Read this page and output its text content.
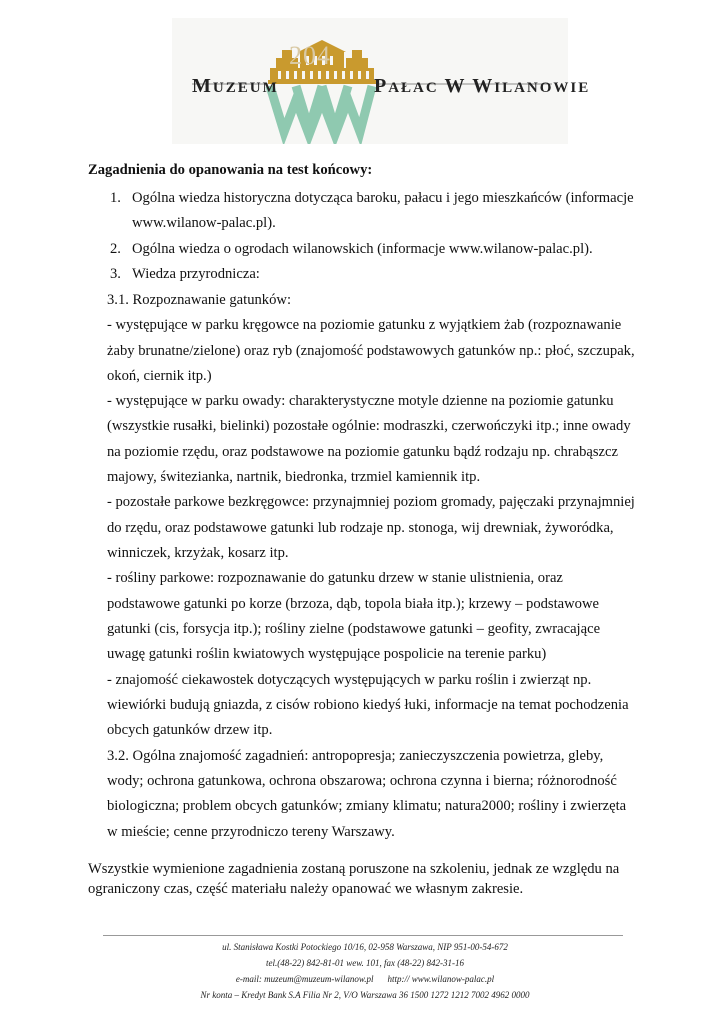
204
MUZEUM	PAŁAC W WILANOWIE
Zagadnienia do opanowania na test końcowy:
1. Ogólna wiedza historyczna dotycząca baroku, pałacu i jego mieszkańców (informacje
www.wilanow-palac.pl).
2. Ogólna wiedza o ogrodach wilanowskich (informacje www.wilanow-palac.pl).
3. Wiedza przyrodnicza:
3.1. Rozpoznawanie gatunków:
- występujące w parku kręgowce na poziomie gatunku z wyjątkiem żab (rozpoznawanie
żaby brunatne/zielone) oraz ryb (znajomość podstawowych gatunków np.: płoć, szczupak,
okoń, ciernik itp.)
- występujące w parku owady: charakterystyczne motyle dzienne na poziomie gatunku
(wszystkie rusałki, bielinki) pozostałe ogólnie: modraszki, czerwończyki itp.; inne owady
na poziomie rzędu, oraz podstawowe na poziomie gatunku bądź rodzaju np. chrabąszcz
majowy, świtezianka, nartnik, biedronka, trzmiel kamiennik itp.
- pozostałe parkowe bezkręgowce: przynajmniej poziom gromady, pajęczaki przynajmniej
do rzędu, oraz podstawowe gatunki lub rodzaje np. stonoga, wij drewniak, żyworódka,
winniczek, krzyżak, kosarz itp.
- rośliny parkowe: rozpoznawanie do gatunku drzew w stanie ulistnienia, oraz
podstawowe gatunki po korze (brzoza, dąb, topola biała itp.); krzewy – podstawowe
gatunki (cis, forsycja itp.); rośliny zielne (podstawowe gatunki – geofity, zwracające
uwagę gatunki roślin kwiatowych występujące pospolicie na terenie parku)
- znajomość ciekawostek dotyczących występujących w parku roślin i zwierząt np.
wiewiórki budują gniazda, z cisów robiono kiedyś łuki, informacje na temat pochodzenia
obcych gatunków drzew itp.
3.2. Ogólna znajomość zagadnień: antropopresja; zanieczyszczenia powietrza, gleby,
wody; ochrona gatunkowa, ochrona obszarowa; ochrona czynna i bierna; różnorodność
biologiczna; problem obcych gatunków; zmiany klimatu; natura2000; rośliny i zwierzęta
w mieście; cenne przyrodniczo tereny Warszawy.
Wszystkie wymienione zagadnienia zostaną poruszone na szkoleniu, jednak ze względu na
ograniczony czas, część materiału należy opanować we własnym zakresie.
ul. Stanisława Kostki Potockiego 10/16, 02-958 Warszawa, NIP 951-00-54-672
tel.(48-22) 842-81-01 wew. 101, fax (48-22) 842-31-16
e-mail: muzeum@muzeum-wilanow.pl http:// www.wilanow-palac.pl
Nr konta – Kredyt Bank S.A Filia Nr 2, V/O Warszawa 36 1500 1272 1212 7002 4962 0000
